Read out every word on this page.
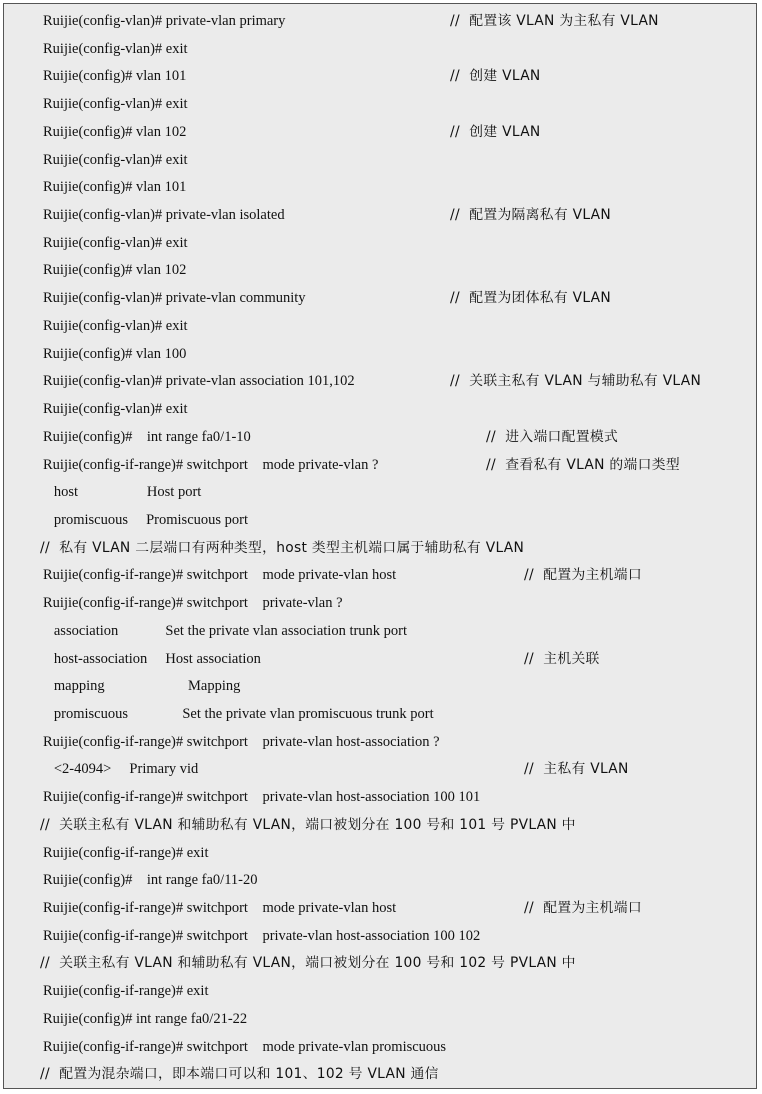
Ruijie(config-vlan)# private-vlan primary	//  配置该 VLAN 为主私有 VLAN
Ruijie(config-vlan)# exit
Ruijie(config)# vlan 101	//  创建 VLAN
Ruijie(config-vlan)# exit
Ruijie(config)# vlan 102	//  创建 VLAN
Ruijie(config-vlan)# exit
Ruijie(config)# vlan 101
Ruijie(config-vlan)# private-vlan isolated	//  配置为隔离私有 VLAN
Ruijie(config-vlan)# exit
Ruijie(config)# vlan 102
Ruijie(config-vlan)# private-vlan community	//  配置为团体私有 VLAN
Ruijie(config-vlan)# exit
Ruijie(config)# vlan 100
Ruijie(config-vlan)# private-vlan association 101,102	//  关联主私有 VLAN 与辅助私有 VLAN
Ruijie(config-vlan)# exit
Ruijie(config)#    int range fa0/1-10	//  进入端口配置模式
Ruijie(config-if-range)# switchport    mode private-vlan ?	//  查看私有 VLAN 的端口类型
host                   Host port
promiscuous     Promiscuous port
//  私有 VLAN 二层端口有两种类型，host 类型主机端口属于辅助私有 VLAN
Ruijie(config-if-range)# switchport    mode private-vlan host	//  配置为主机端口
Ruijie(config-if-range)# switchport    private-vlan ?
association             Set the private vlan association trunk port
host-association     Host association	//  主机关联
mapping                       Mapping
promiscuous               Set the private vlan promiscuous trunk port
Ruijie(config-if-range)# switchport    private-vlan host-association ?
<2-4094>     Primary vid	//  主私有 VLAN
Ruijie(config-if-range)# switchport    private-vlan host-association 100 101
//  关联主私有 VLAN 和辅助私有 VLAN，端口被划分在 100 号和 101 号 PVLAN 中
Ruijie(config-if-range)# exit
Ruijie(config)#    int range fa0/11-20
Ruijie(config-if-range)# switchport    mode private-vlan host	//  配置为主机端口
Ruijie(config-if-range)# switchport    private-vlan host-association 100 102
//  关联主私有 VLAN 和辅助私有 VLAN，端口被划分在 100 号和 102 号 PVLAN 中
Ruijie(config-if-range)# exit
Ruijie(config)# int range fa0/21-22
Ruijie(config-if-range)# switchport    mode private-vlan promiscuous
//  配置为混杂端口，即本端口可以和 101、102 号 VLAN 通信
